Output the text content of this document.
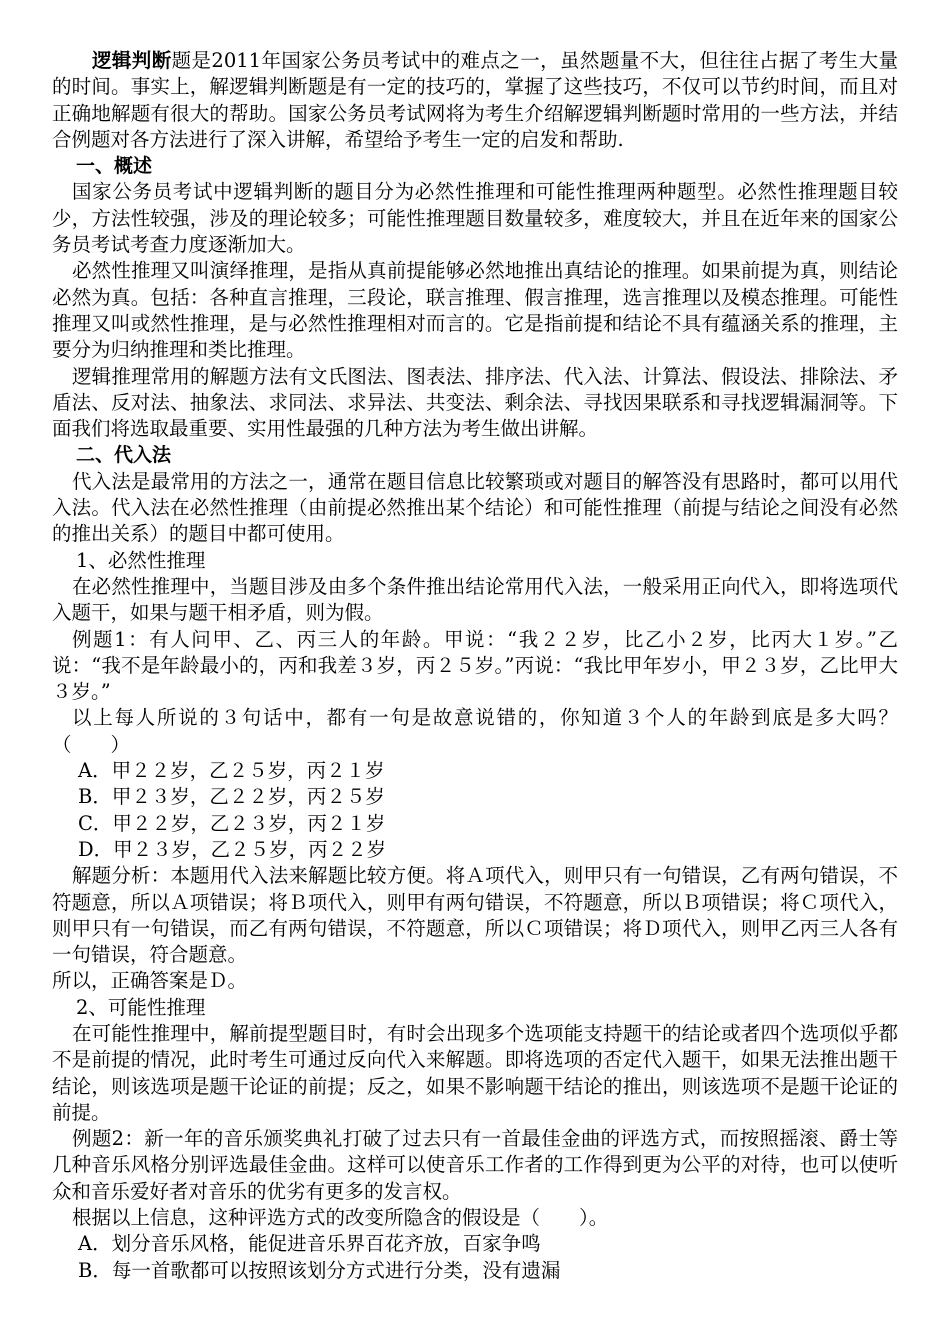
逻辑判断题是2011年国家公务员考试中的难点之一，虽然题量不大，但往往占据了考生大量的时间。事实上，解逻辑判断题是有一定的技巧的，掌握了这些技巧，不仅可以节约时间，而且对正确地解题有很大的帮助。国家公务员考试网将为考生介绍解逻辑判断题时常用的一些方法，并结合例题对各方法进行了深入讲解，希望给予考生一定的启发和帮助.

一、概述

国家公务员考试中逻辑判断的题目分为必然性推理和可能性推理两种题型。必然性推理题目较少，方法性较强，涉及的理论较多；可能性推理题目数量较多，难度较大，并且在近年来的国家公务员考试考查力度逐渐加大。

必然性推理又叫演绎推理，是指从真前提能够必然地推出真结论的推理。如果前提为真，则结论必然为真。包括：各种直言推理，三段论，联言推理、假言推理，选言推理以及模态推理。可能性推理又叫或然性推理，是与必然性推理相对而言的。它是指前提和结论不具有蕴涵关系的推理，主要分为归纳推理和类比推理。

逻辑推理常用的解题方法有文氏图法、图表法、排序法、代入法、计算法、假设法、排除法、矛盾法、反对法、抽象法、求同法、求异法、共变法、剩余法、寻找因果联系和寻找逻辑漏洞等。下面我们将选取最重要、实用性最强的几种方法为考生做出讲解。

二、代入法

代入法是最常用的方法之一，通常在题目信息比较繁琐或对题目的解答没有思路时，都可以用代入法。代入法在必然性推理（由前提必然推出某个结论）和可能性推理（前提与结论之间没有必然的推出关系）的题目中都可使用。

1、必然性推理

在必然性推理中，当题目涉及由多个条件推出结论常用代入法，一般采用正向代入，即将选项代入题干，如果与题干相矛盾，则为假。

例题1：有人问甲、乙、丙三人的年龄。甲说：“我２２岁，比乙小２岁，比丙大１岁。”乙说：“我不是年龄最小的，丙和我差３岁，丙２５岁。”丙说：“我比甲年岁小，甲２３岁，乙比甲大３岁。”

以上每人所说的３句话中，都有一句是故意说错的，你知道３个人的年龄到底是多大吗？（　　）

A．甲２２岁，乙２５岁，丙２１岁

B．甲２３岁，乙２２岁，丙２５岁

C．甲２２岁，乙２３岁，丙２１岁

D．甲２３岁，乙２５岁，丙２２岁

解题分析：本题用代入法来解题比较方便。将Ａ项代入，则甲只有一句错误，乙有两句错误，不符题意，所以Ａ项错误；将Ｂ项代入，则甲有两句错误，不符题意，所以Ｂ项错误；将Ｃ项代入，则甲只有一句错误，而乙有两句错误，不符题意，所以Ｃ项错误；将Ｄ项代入，则甲乙丙三人各有一句错误，符合题意。

所以，正确答案是Ｄ。

2、可能性推理

在可能性推理中，解前提型题目时，有时会出现多个选项能支持题干的结论或者四个选项似乎都不是前提的情况，此时考生可通过反向代入来解题。即将选项的否定代入题干，如果无法推出题干结论，则该选项是题干论证的前提；反之，如果不影响题干结论的推出，则该选项不是题干论证的前提。

例题2：新一年的音乐颁奖典礼打破了过去只有一首最佳金曲的评选方式，而按照摇滚、爵士等几种音乐风格分别评选最佳金曲。这样可以使音乐工作者的工作得到更为公平的对待，也可以使听众和音乐爱好者对音乐的优劣有更多的发言权。

根据以上信息，这种评选方式的改变所隐含的假设是（　　）。

A．划分音乐风格，能促进音乐界百花齐放，百家争鸣

B．每一首歌都可以按照该划分方式进行分类，没有遗漏
